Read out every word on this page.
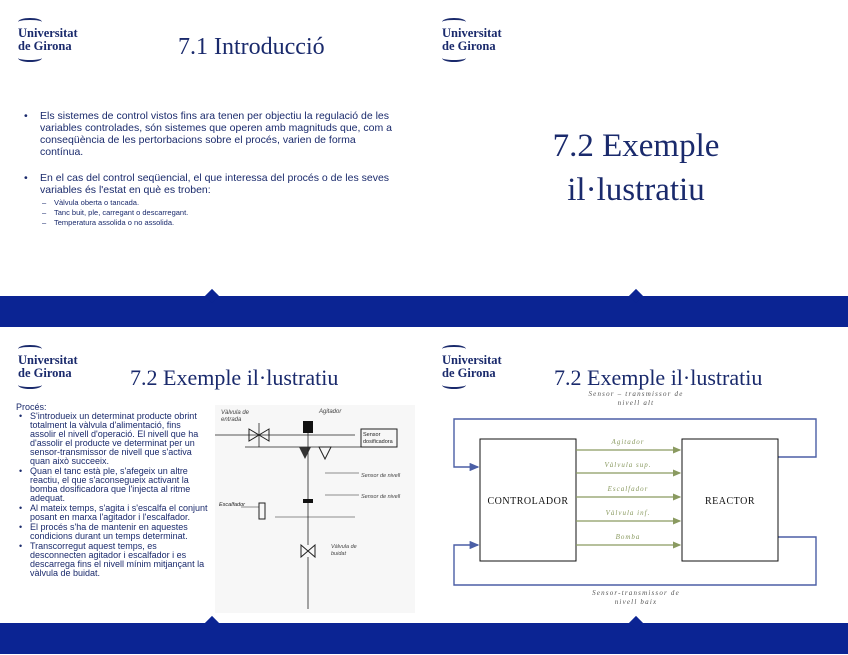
Universitat
de Girona	7.1 Introducció
• Els sistemes de control vistos fins ara tenen per objectiu la regulació de les variables controlades, són sistemes que operen amb magnituds que, com a conseqüència de les pertorbacions sobre el procés, varien de forma contínua.
• En el cas del control seqüencial, el que interessa del procés o de les seves variables és l'estat en què es troben:
– Vàlvula oberta o tancada.
– Tanc buit, ple, carregant o descarregant.
– Temperatura assolida o no assolida.
Universitat
de Girona
7.2 Exemple
il·lustratiu
Universitat
de Girona	7.2 Exemple il·lustratiu
Procés:
• S'introdueix un determinat producte obrint totalment la vàlvula d'alimentació, fins assolir el nivell d'operació. El nivell que ha d'assolir el producte ve determinat per un sensor-transmissor de nivell que s'activa quan això succeeix.
• Quan el tanc està ple, s'afegeix un altre reactiu, el que s'aconsegueix activant la bomba dosificadora que l'injecta al ritme adequat.
• Al mateix temps, s'agita i s'escalfa el conjunt posant en marxa l'agitador i l'escalfador.
• El procés s'ha de mantenir en aquestes condicions durant un temps determinat.
• Transcorregut aquest temps, es desconnecten agitador i escalfador i es descarrega fins el nivell mínim mitjançant la vàlvula de buidat.
Vàlvula de
entrada
Agitador
Sensor
dosificadora
Sensor de nivell
Sensor de nivell
Escalfador
Vàlvula de
buidat
Universitat
de Girona	7.2 Exemple il·lustratiu
Sensor – transmissor de
nivell alt
Sensor-transmissor de
nivell baix
CONTROLADOR	REACTOR
Agitador
Vàlvula sup.
Escalfador
Vàlvula inf.
Bomba
